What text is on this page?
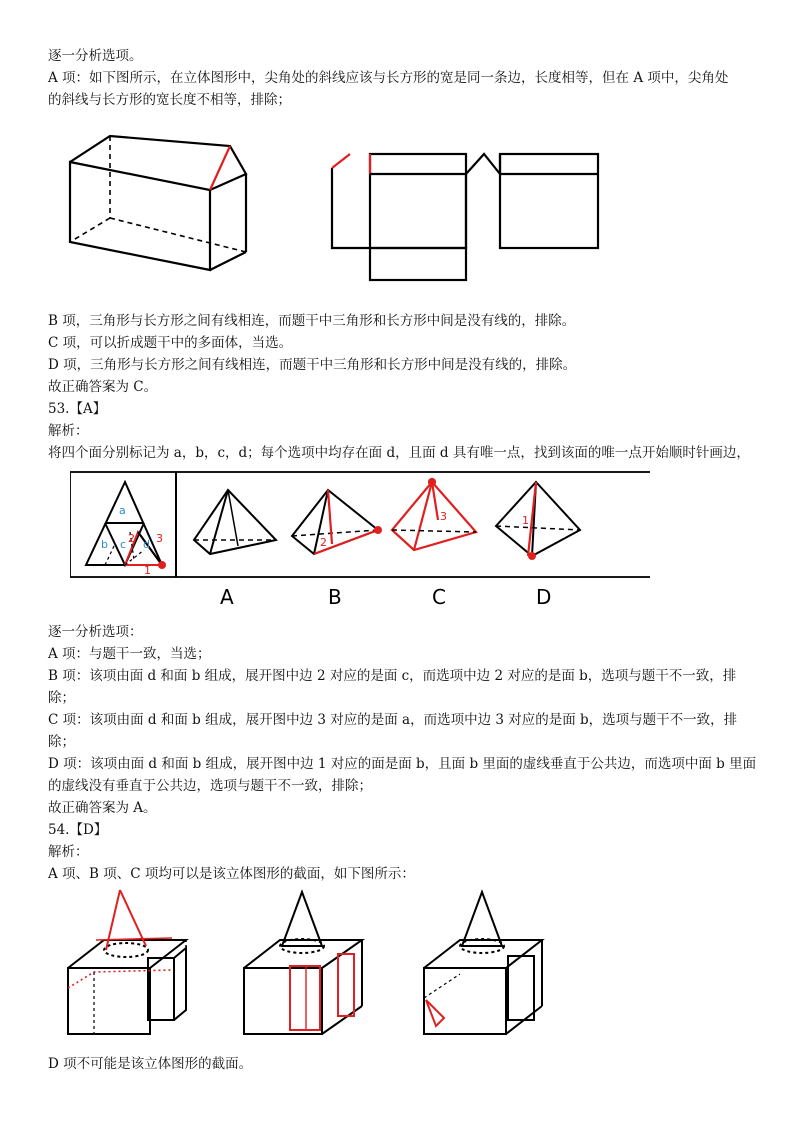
逐一分析选项。
A 项：如下图所示，在立体图形中，尖角处的斜线应该与长方形的宽是同一条边，长度相等，但在 A 项中，尖角处
的斜线与长方形的宽长度不相等，排除；
B 项，三角形与长方形之间有线相连，而题干中三角形和长方形中间是没有线的，排除。
C 项，可以折成题干中的多面体，当选。
D 项，三角形与长方形之间有线相连，而题干中三角形和长方形中间是没有线的，排除。
故正确答案为 C。
53.【A】
解析：
将四个面分别标记为 a，b，c，d；每个选项中均存在面 d，且面 d 具有唯一点，找到该面的唯一点开始顺时针画边，
a
b c d
1
2 3	2
3	1
A	B	C	D
逐一分析选项：
A 项：与题干一致，当选；
B 项：该项由面 d 和面 b 组成，展开图中边 2 对应的是面 c，而选项中边 2 对应的是面 b，选项与题干不一致，排
除；
C 项：该项由面 d 和面 b 组成，展开图中边 3 对应的是面 a，而选项中边 3 对应的是面 b，选项与题干不一致，排
除；
D 项：该项由面 d 和面 b 组成，展开图中边 1 对应的面是面 b，且面 b 里面的虚线垂直于公共边，而选项中面 b 里面
的虚线没有垂直于公共边，选项与题干不一致，排除；
故正确答案为 A。
54.【D】
解析：
A 项、B 项、C 项均可以是该立体图形的截面，如下图所示：
D 项不可能是该立体图形的截面。
